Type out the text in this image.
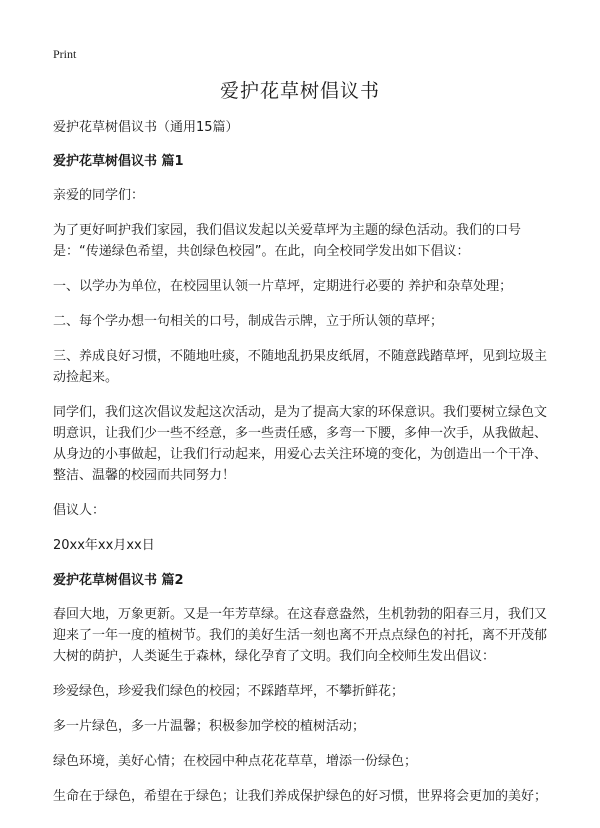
Print
爱护花草树倡议书

爱护花草树倡议书（通用15篇）

爱护花草树倡议书 篇1

亲爱的同学们：

为了更好呵护我们家园，我们倡议发起以关爱草坪为主题的绿色活动。我们的口号是：“传递绿色希望，共创绿色校园”。在此，向全校同学发出如下倡议：

一、以学办为单位，在校园里认领一片草坪，定期进行必要的 养护和杂草处理；

二、每个学办想一句相关的口号，制成告示牌，立于所认领的草坪；

三、养成良好习惯，不随地吐痰，不随地乱扔果皮纸屑，不随意践踏草坪，见到垃圾主动捡起来。

同学们，我们这次倡议发起这次活动，是为了提高大家的环保意识。我们要树立绿色文明意识，让我们少一些不经意，多一些责任感，多弯一下腰，多伸一次手，从我做起、从身边的小事做起，让我们行动起来，用爱心去关注环境的变化，为创造出一个干净、整洁、温馨的校园而共同努力！

倡议人：

20xx年xx月xx日

爱护花草树倡议书 篇2

春回大地，万象更新。又是一年芳草绿。在这春意盎然，生机勃勃的阳春三月，我们又迎来了一年一度的植树节。我们的美好生活一刻也离不开点点绿色的衬托，离不开茂郁大树的荫护，人类诞生于森林，绿化孕育了文明。我们向全校师生发出倡议：

珍爱绿色，珍爱我们绿色的校园；不踩踏草坪，不攀折鲜花；

多一片绿色，多一片温馨；积极参加学校的植树活动；

绿色环境，美好心情；在校园中种点花花草草，增添一份绿色；

生命在于绿色，希望在于绿色；让我们养成保护绿色的好习惯，世界将会更加的美好；
